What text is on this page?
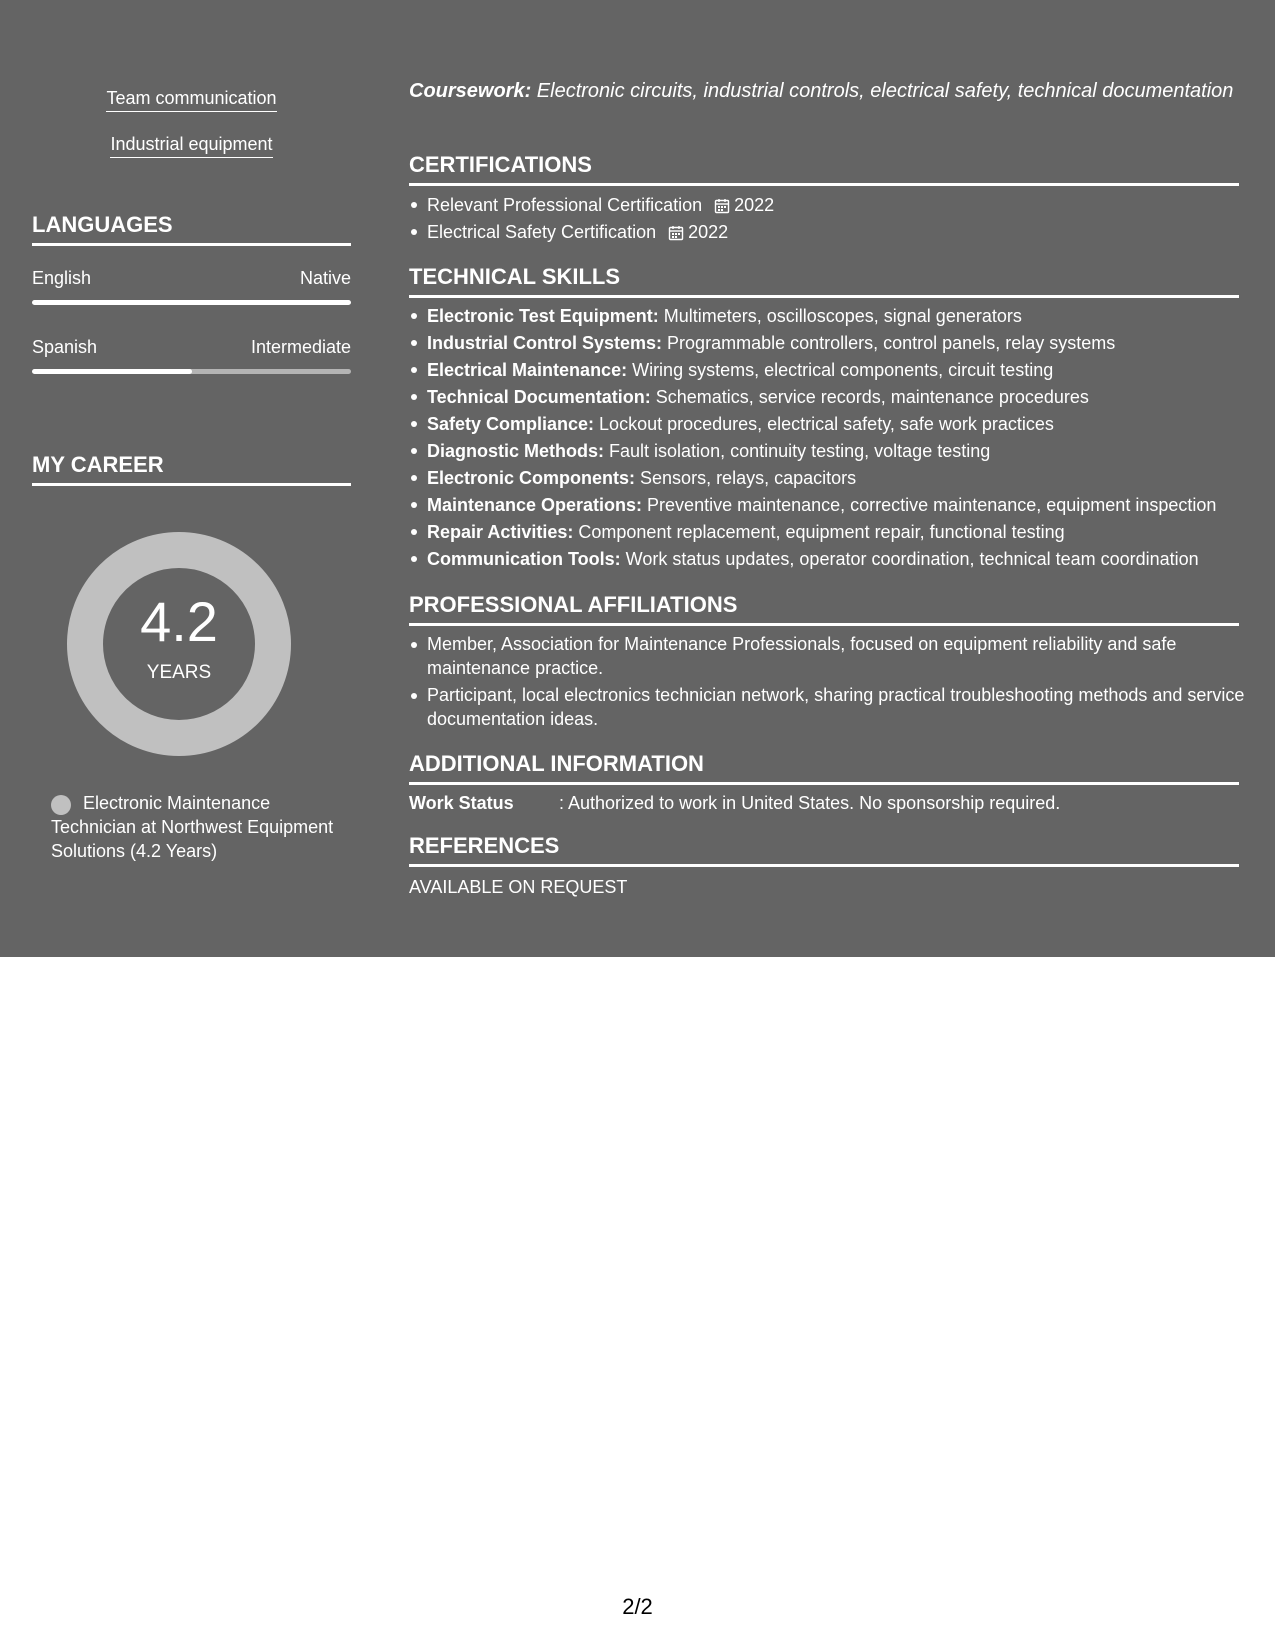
Team communication
Industrial equipment
LANGUAGES
English	Native
Spanish	Intermediate
MY CAREER
4.2
YEARS
Electronic Maintenance Technician at Northwest Equipment Solutions (4.2 Years)
Coursework: Electronic circuits, industrial controls, electrical safety, technical documentation
CERTIFICATIONS
Relevant Professional Certification 2022
Electrical Safety Certification 2022
TECHNICAL SKILLS
Electronic Test Equipment: Multimeters, oscilloscopes, signal generators
Industrial Control Systems: Programmable controllers, control panels, relay systems
Electrical Maintenance: Wiring systems, electrical components, circuit testing
Technical Documentation: Schematics, service records, maintenance procedures
Safety Compliance: Lockout procedures, electrical safety, safe work practices
Diagnostic Methods: Fault isolation, continuity testing, voltage testing
Electronic Components: Sensors, relays, capacitors
Maintenance Operations: Preventive maintenance, corrective maintenance, equipment inspection
Repair Activities: Component replacement, equipment repair, functional testing
Communication Tools: Work status updates, operator coordination, technical team coordination
PROFESSIONAL AFFILIATIONS
Member, Association for Maintenance Professionals, focused on equipment reliability and safe maintenance practice.
Participant, local electronics technician network, sharing practical troubleshooting methods and service documentation ideas.
ADDITIONAL INFORMATION
Work Status	: Authorized to work in United States. No sponsorship required.
REFERENCES
AVAILABLE ON REQUEST
2/2
